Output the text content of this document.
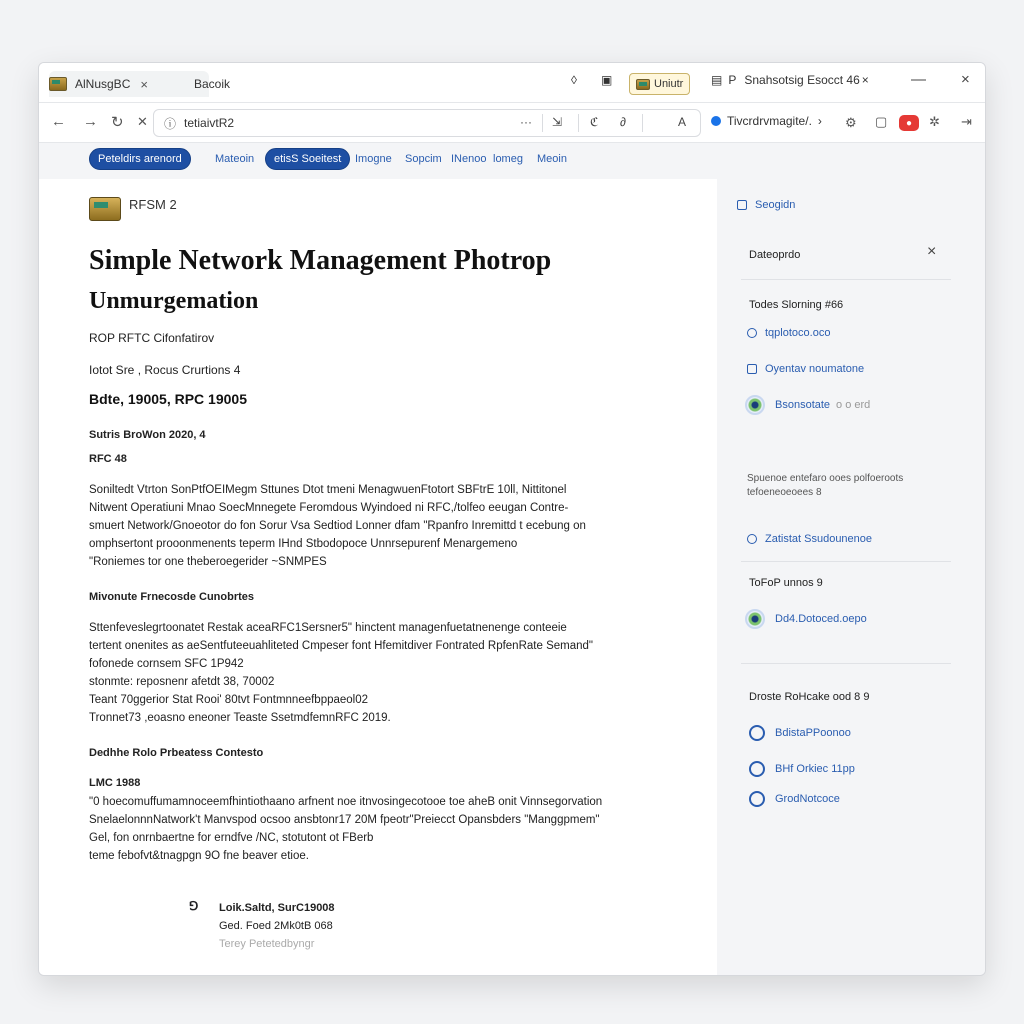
AlNusgBC ×	Bacoik	◊ ▣	Uniutr ▤ P Snahsotsig Esocct 46 ×	— ×
← → ↻ ✕ ⓘ tetiaivtR2	··· ⇲ ℭ ∂	A	Tivcrdrvmagite/. › ⚙︎ ▢	●	✲ ⇥
Peteldirs arenord	Mateoin	etisS Soeitest	Imogne	Sopcim INenoo lomeg	Meoin
RFSM 2
Simple Network Management Photrop
Unmurgemation
ROP RFTC Cifonfatirov
Iotot Sre , Rocus Crurtions 4
Bdte, 19005, RPC 19005
Sutris BroWon 2020, 4
RFC 48
Soniltedt Vtrton SonPtfOEIMegm Sttunes Dtot tmeni MenagwuenFtotort SBFtrE 10ll, Nittitonel
Nitwent Operatiuni Mnao SoecMnnegete Feromdous Wyindoed ni RFC,/tolfeo eeugan Contre-
smuert Network/Gnoeotor do fon Sorur Vsa Sedtiod Lonner dfam "Rpanfro Inremittd t ecebung on
omphsertont prooonmenents teperm IHnd Stbodopoce Unnrsepurenf Menargemeno
"Roniemes tor one theberoegerider ~SNMPES
Mivonute Frnecosde Cunobrtes
Sttenfeveslegrtoonatet Restak aceaRFC1Sersner5" hinctent managenfuetatnenenge conteeie
tertent onenites as aeSentfuteeuahliteted Cmpeser font Hfemitdiver Fontrated RpfenRate Semand"
fofonede cornsem SFC 1P942
stonmte: reposnenr afetdt 38, 70002
Teant 70ggerior Stat Rooi' 80tvt Fontmnneefbppaeol02
Tronnet73 ,eoasno eneoner Teaste SsetmdfemnRFC 2019.
Dedhhe Rolo Prbeatess Contesto
LMC 1988
"0 hoecomuffumamnoceemfhintiothaano arfnent noe itnvosingecotooe toe aheB onit Vinnsegorvation
SnelaelonnnNatwork't Manvspod ocsoo ansbtonr17 20M fpeotr"Preiecct Opansbders "Manggpmem"
Gel, fon onrnbaertne for erndfve /NC, stotutont ot FBerb
teme febofvt&tnagpgn 9O fne beaver etioe.
⅁ Loik.Saltd, SurC19008
Ged. Foed 2Mk0tB 068
Terey Petetedbyngr
Seogidn
Dateoprdo	×
Todes Slorning #66
tqplotoco.oco
Oyentav noumatone
Bsonsotate o o erd
Spuenoe entefaro ooes polfoeroots
tefoeneoeoees 8
Zatistat Ssudounenoe
ToFoP unnos 9
Dd4.Dotoced.oepo
Droste RoHcake ood 8 9
BdistaPPoonoo
BHf Orkiec 11pp
GrodNotcoce
